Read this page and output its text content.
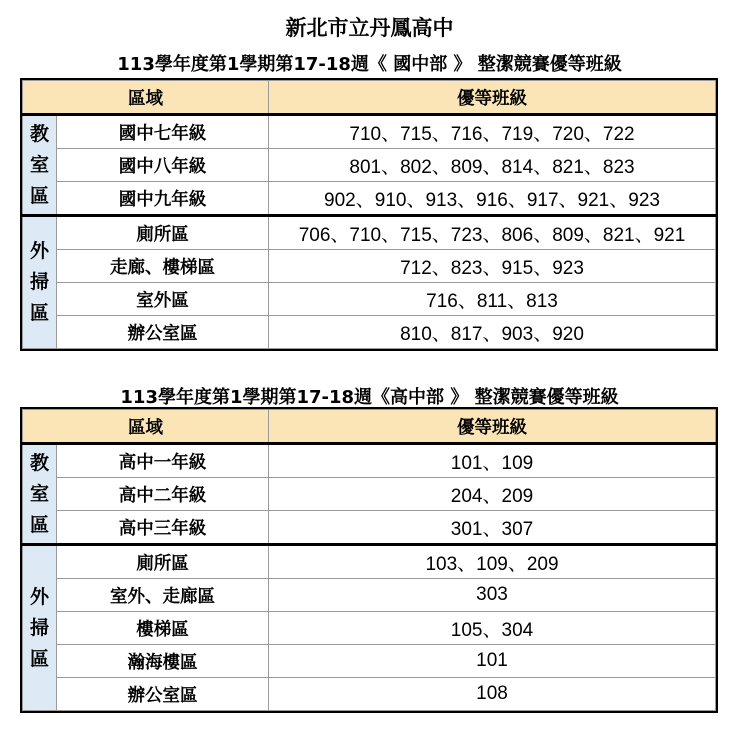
新北市立丹鳳高中
113學年度第1學期第17-18週《 國中部 》 整潔競賽優等班級
區域		優等班級

教
室
區	國中七年級	710、715、716、719、720、722
	國中八年級	801、802、809、814、821、823
	國中九年級	902、910、913、916、917、921、923

外
掃
區	廁所區	706、710、715、723、806、809、821、921
	走廊、樓梯區	712、823、915、923
	室外區	716、811、813
	辦公室區	810、817、903、920
113學年度第1學期第17-18週《高中部 》 整潔競賽優等班級
區域		優等班級

教
室
區	高中一年級	101、109
	高中二年級	204、209
	高中三年級	301、307

外
掃
區	廁所區	103、109、209
	室外、走廊區	303
	樓梯區	105、304
	瀚海樓區	101
	辦公室區	108
